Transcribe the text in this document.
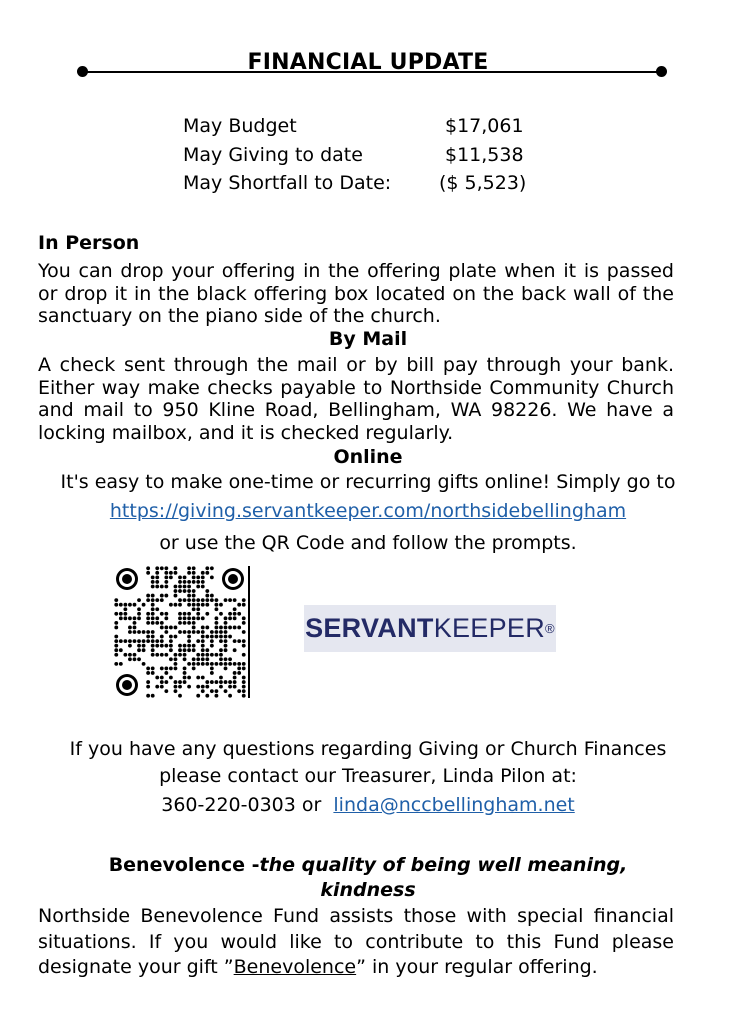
FINANCIAL UPDATE
May Budget	$17,061
May Giving to date	$11,538
May Shortfall to Date:	($ 5,523)
In Person
You can drop your offering in the offering plate when it is passed or drop it in the black offering box located on the back wall of the sanctuary on the piano side of the church.
By Mail
A check sent through the mail or by bill pay through your bank. Either way make checks payable to Northside Community Church and mail to 950 Kline Road, Bellingham, WA 98226. We have a locking mailbox, and it is checked regularly.
Online
It's easy to make one-time or recurring gifts online! Simply go to
https://giving.servantkeeper.com/northsidebellingham
or use the QR Code and follow the prompts.
SERVANT KEEPER ®
If you have any questions regarding Giving or Church Finances
please contact our Treasurer, Linda Pilon at:
360-220-0303 or linda@nccbellingham.net
Benevolence -the quality of being well meaning,
kindness
Northside Benevolence Fund assists those with special financial situations. If you would like to contribute to this Fund please designate your gift ”Benevolence” in your regular offering.
